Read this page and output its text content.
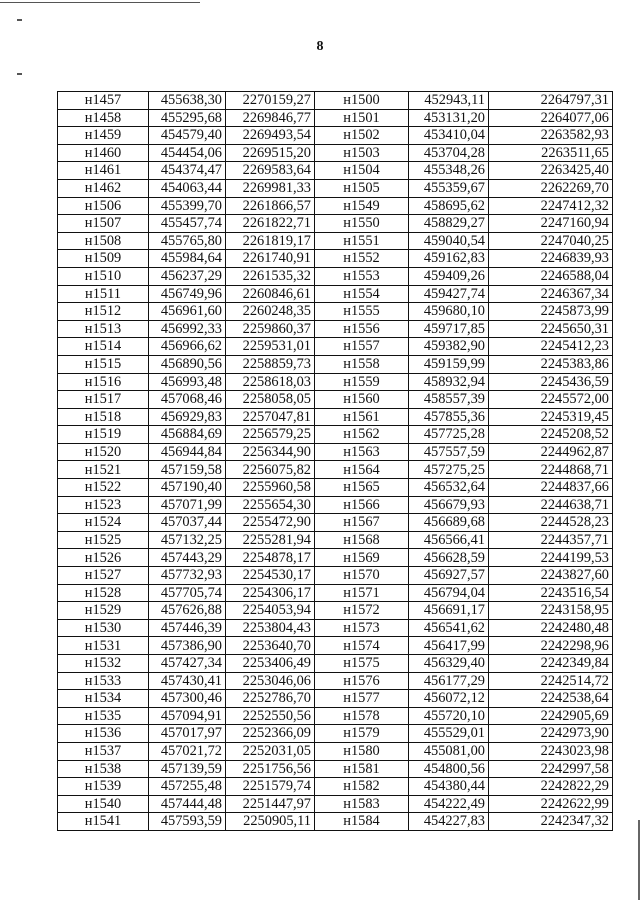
8
н1457	455638,30	2270159,27	н1500	452943,11	2264797,31
н1458	455295,68	2269846,77	н1501	453131,20	2264077,06
н1459	454579,40	2269493,54	н1502	453410,04	2263582,93
н1460	454454,06	2269515,20	н1503	453704,28	2263511,65
н1461	454374,47	2269583,64	н1504	455348,26	2263425,40
н1462	454063,44	2269981,33	н1505	455359,67	2262269,70
н1506	455399,70	2261866,57	н1549	458695,62	2247412,32
н1507	455457,74	2261822,71	н1550	458829,27	2247160,94
н1508	455765,80	2261819,17	н1551	459040,54	2247040,25
н1509	455984,64	2261740,91	н1552	459162,83	2246839,93
н1510	456237,29	2261535,32	н1553	459409,26	2246588,04
н1511	456749,96	2260846,61	н1554	459427,74	2246367,34
н1512	456961,60	2260248,35	н1555	459680,10	2245873,99
н1513	456992,33	2259860,37	н1556	459717,85	2245650,31
н1514	456966,62	2259531,01	н1557	459382,90	2245412,23
н1515	456890,56	2258859,73	н1558	459159,99	2245383,86
н1516	456993,48	2258618,03	н1559	458932,94	2245436,59
н1517	457068,46	2258058,05	н1560	458557,39	2245572,00
н1518	456929,83	2257047,81	н1561	457855,36	2245319,45
н1519	456884,69	2256579,25	н1562	457725,28	2245208,52
н1520	456944,84	2256344,90	н1563	457557,59	2244962,87
н1521	457159,58	2256075,82	н1564	457275,25	2244868,71
н1522	457190,40	2255960,58	н1565	456532,64	2244837,66
н1523	457071,99	2255654,30	н1566	456679,93	2244638,71
н1524	457037,44	2255472,90	н1567	456689,68	2244528,23
н1525	457132,25	2255281,94	н1568	456566,41	2244357,71
н1526	457443,29	2254878,17	н1569	456628,59	2244199,53
н1527	457732,93	2254530,17	н1570	456927,57	2243827,60
н1528	457705,74	2254306,17	н1571	456794,04	2243516,54
н1529	457626,88	2254053,94	н1572	456691,17	2243158,95
н1530	457446,39	2253804,43	н1573	456541,62	2242480,48
н1531	457386,90	2253640,70	н1574	456417,99	2242298,96
н1532	457427,34	2253406,49	н1575	456329,40	2242349,84
н1533	457430,41	2253046,06	н1576	456177,29	2242514,72
н1534	457300,46	2252786,70	н1577	456072,12	2242538,64
н1535	457094,91	2252550,56	н1578	455720,10	2242905,69
н1536	457017,97	2252366,09	н1579	455529,01	2242973,90
н1537	457021,72	2252031,05	н1580	455081,00	2243023,98
н1538	457139,59	2251756,56	н1581	454800,56	2242997,58
н1539	457255,48	2251579,74	н1582	454380,44	2242822,29
н1540	457444,48	2251447,97	н1583	454222,49	2242622,99
н1541	457593,59	2250905,11	н1584	454227,83	2242347,32
